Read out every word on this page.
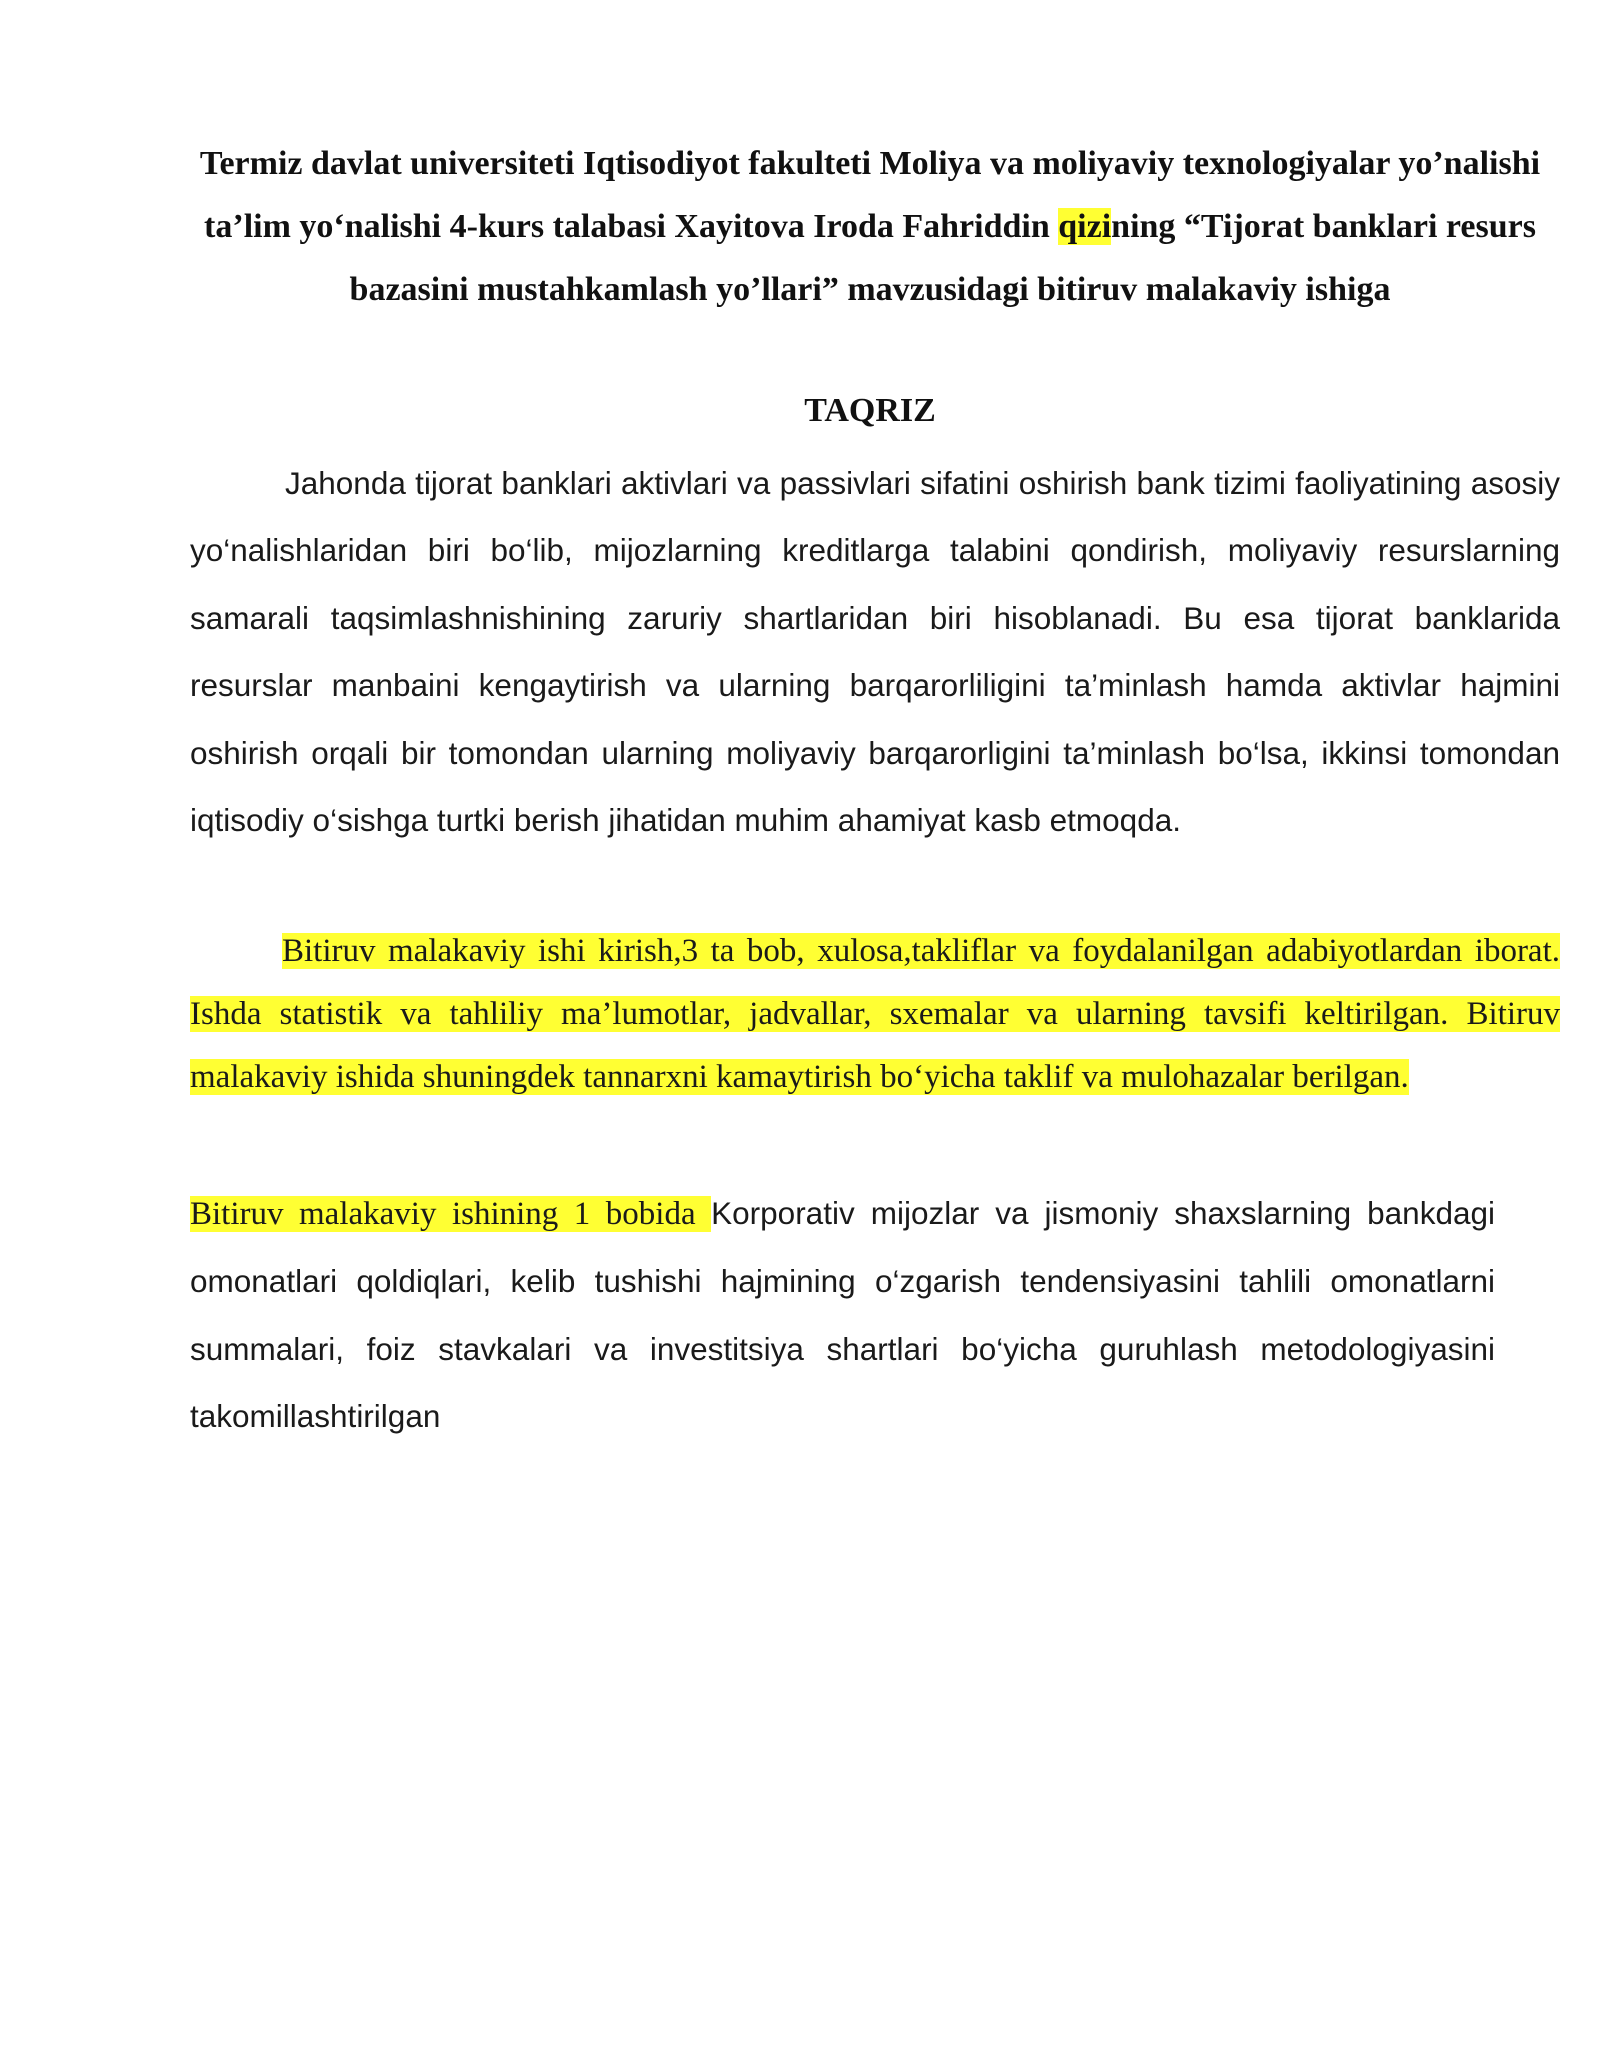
Termiz davlat universiteti Iqtisodiyot fakulteti Moliya va moliyaviy texnologiyalar yo’nalishi ta’lim yo‘nalishi 4-kurs talabasi Xayitova Iroda Fahriddin qizining “Tijorat banklari resurs bazasini mustahkamlash yo’llari” mavzusidagi bitiruv malakaviy ishiga

TAQRIZ

Jahonda tijorat banklari aktivlari va passivlari sifatini oshirish bank tizimi faoliyatining asosiy yo‘nalishlaridan biri bo‘lib, mijozlarning kreditlarga talabini qondirish, moliyaviy resurslarning samarali taqsimlashnishining zaruriy shartlaridan biri hisoblanadi. Bu esa tijorat banklarida resurslar manbaini kengaytirish va ularning barqarorliligini ta’minlash hamda aktivlar hajmini oshirish orqali bir tomondan ularning moliyaviy barqarorligini ta’minlash bo‘lsa, ikkinsi tomondan iqtisodiy o‘sishga turtki berish jihatidan muhim ahamiyat kasb etmoqda.

Bitiruv malakaviy ishi kirish,3 ta bob, xulosa,takliflar va foydalanilgan adabiyotlardan iborat. Ishda statistik va tahliliy ma’lumotlar, jadvallar, sxemalar va ularning tavsifi keltirilgan. Bitiruv malakaviy ishida shuningdek tannarxni kamaytirish bo‘yicha taklif va mulohazalar berilgan.

Bitiruv malakaviy ishining 1 bobida Korporativ mijozlar va jismoniy shaxslarning bankdagi omonatlari qoldiqlari, kelib tushishi hajmining o‘zgarish tendensiyasini tahlili omonatlarni summalari, foiz stavkalari va investitsiya shartlari bo‘yicha guruhlash metodologiyasini takomillashtirilgan
